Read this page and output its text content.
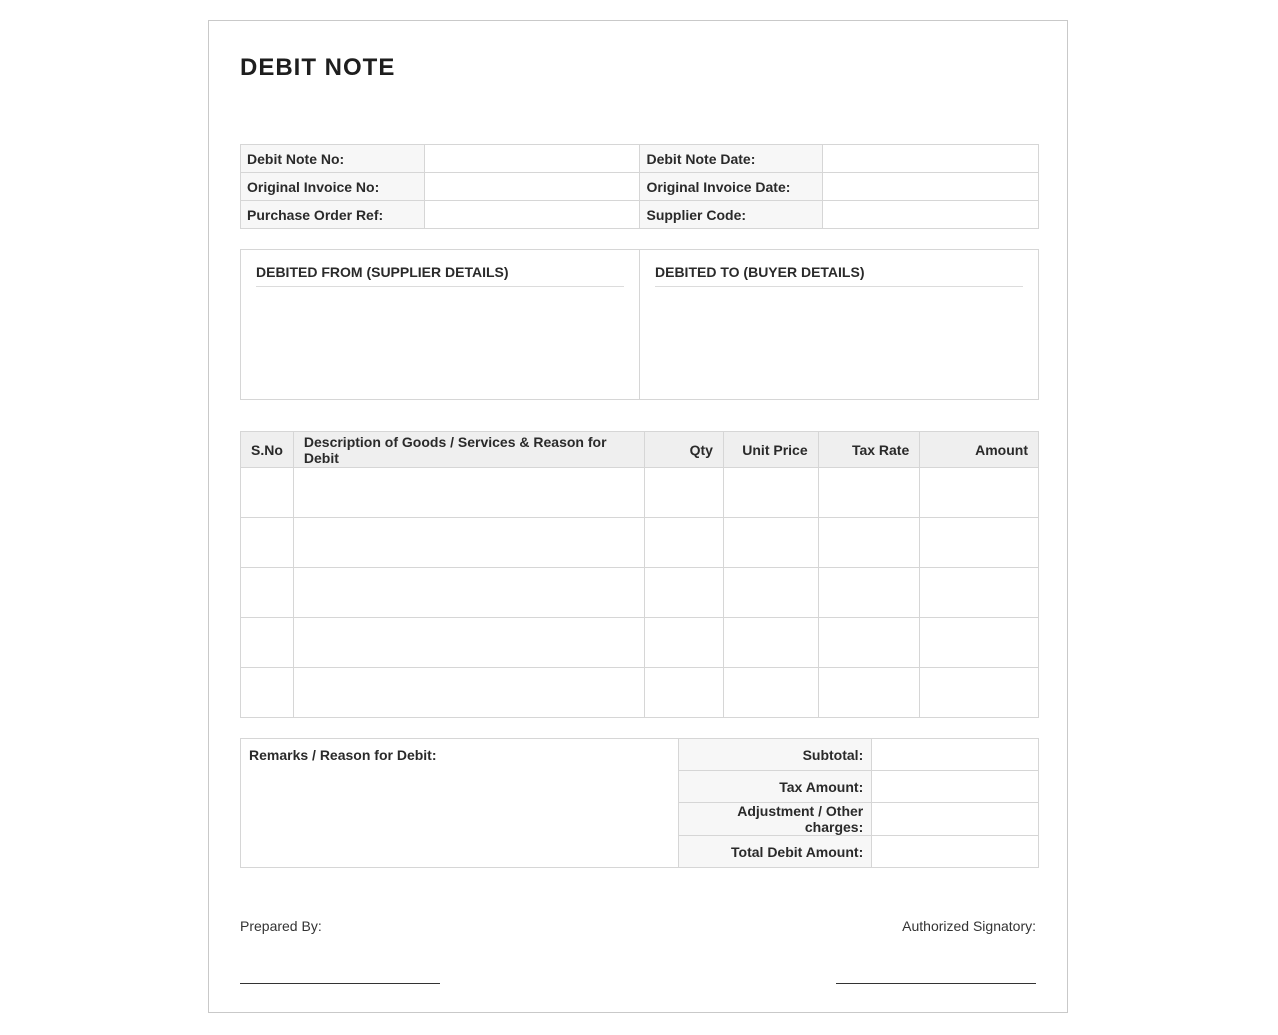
DEBIT NOTE
Debit Note No:		Debit Note Date:	
Original Invoice No:		Original Invoice Date:	
Purchase Order Ref:		Supplier Code:	
DEBITED FROM (SUPPLIER DETAILS)	DEBITED TO (BUYER DETAILS)
S.No	Description of Goods / Services & Reason for Debit	Qty	Unit Price	Tax Rate	Amount

Remarks / Reason for Debit:	Subtotal:	
	Tax Amount:	
	Adjustment / Other charges:	
	Total Debit Amount:	
Prepared By:	Authorized Signatory:
